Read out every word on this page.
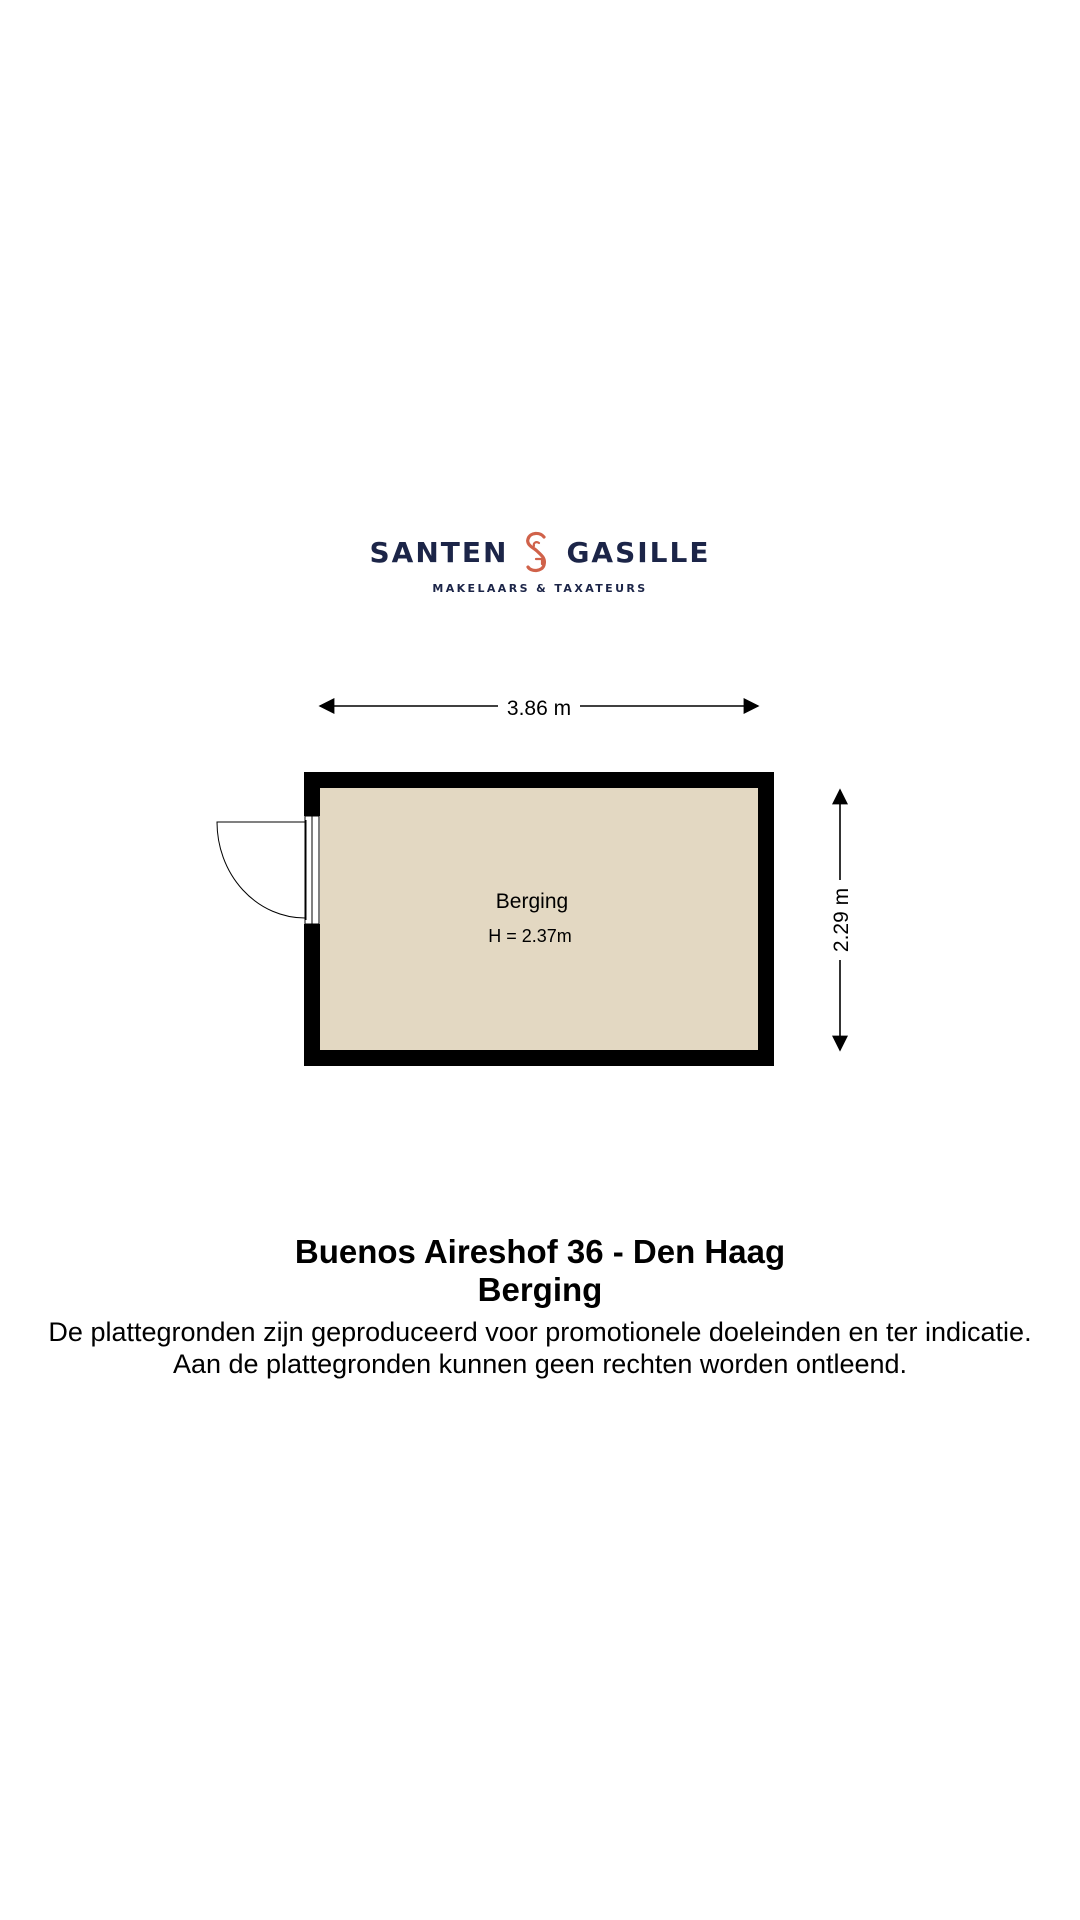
SANTEN GASILLE
MAKELAARS & TAXATEURS
3.86 m
2.29 m
Berging
H = 2.37m
Buenos Aireshof 36 - Den Haag
Berging
De plattegronden zijn geproduceerd voor promotionele doeleinden en ter indicatie.
Aan de plattegronden kunnen geen rechten worden ontleend.
